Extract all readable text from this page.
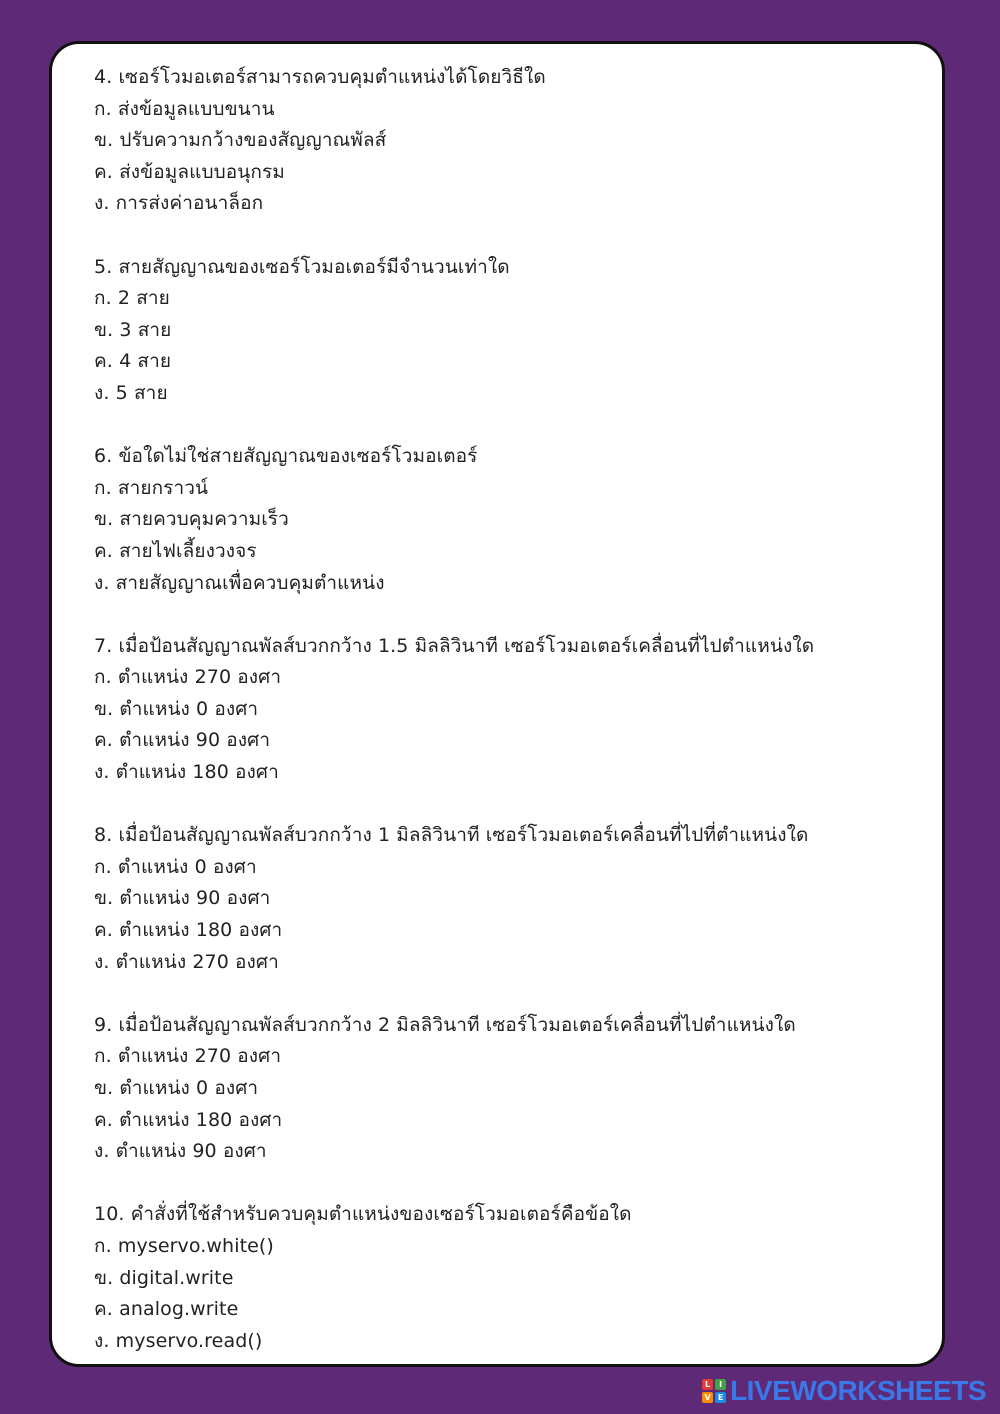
4. เซอร์โวมอเตอร์สามารถควบคุมตำแหน่งได้โดยวิธีใด
ก. ส่งข้อมูลแบบขนาน
ข. ปรับความกว้างของสัญญาณพัลส์
ค. ส่งข้อมูลแบบอนุกรม
ง. การส่งค่าอนาล็อก
5. สายสัญญาณของเซอร์โวมอเตอร์มีจำนวนเท่าใด
ก. 2 สาย
ข. 3 สาย
ค. 4 สาย
ง. 5 สาย
6. ข้อใดไม่ใช่สายสัญญาณของเซอร์โวมอเตอร์
ก. สายกราวน์
ข. สายควบคุมความเร็ว
ค. สายไฟเลี้ยงวงจร
ง. สายสัญญาณเพื่อควบคุมตำแหน่ง
7. เมื่อป้อนสัญญาณพัลส์บวกกว้าง 1.5 มิลลิวินาที เซอร์โวมอเตอร์เคลื่อนที่ไปตำแหน่งใด
ก. ตำแหน่ง 270 องศา
ข. ตำแหน่ง 0 องศา
ค. ตำแหน่ง 90 องศา
ง. ตำแหน่ง 180 องศา
8. เมื่อป้อนสัญญาณพัลส์บวกกว้าง 1 มิลลิวินาที เซอร์โวมอเตอร์เคลื่อนที่ไปที่ตำแหน่งใด
ก. ตำแหน่ง 0 องศา
ข. ตำแหน่ง 90 องศา
ค. ตำแหน่ง 180 องศา
ง. ตำแหน่ง 270 องศา
9. เมื่อป้อนสัญญาณพัลส์บวกกว้าง 2 มิลลิวินาที เซอร์โวมอเตอร์เคลื่อนที่ไปตำแหน่งใด
ก. ตำแหน่ง 270 องศา
ข. ตำแหน่ง 0 องศา
ค. ตำแหน่ง 180 องศา
ง. ตำแหน่ง 90 องศา
10. คำสั่งที่ใช้สำหรับควบคุมตำแหน่งของเซอร์โวมอเตอร์คือข้อใด
ก. myservo.white()
ข. digital.write
ค. analog.write
ง. myservo.read()
L	I
V E LIVEWORKSHEETS
